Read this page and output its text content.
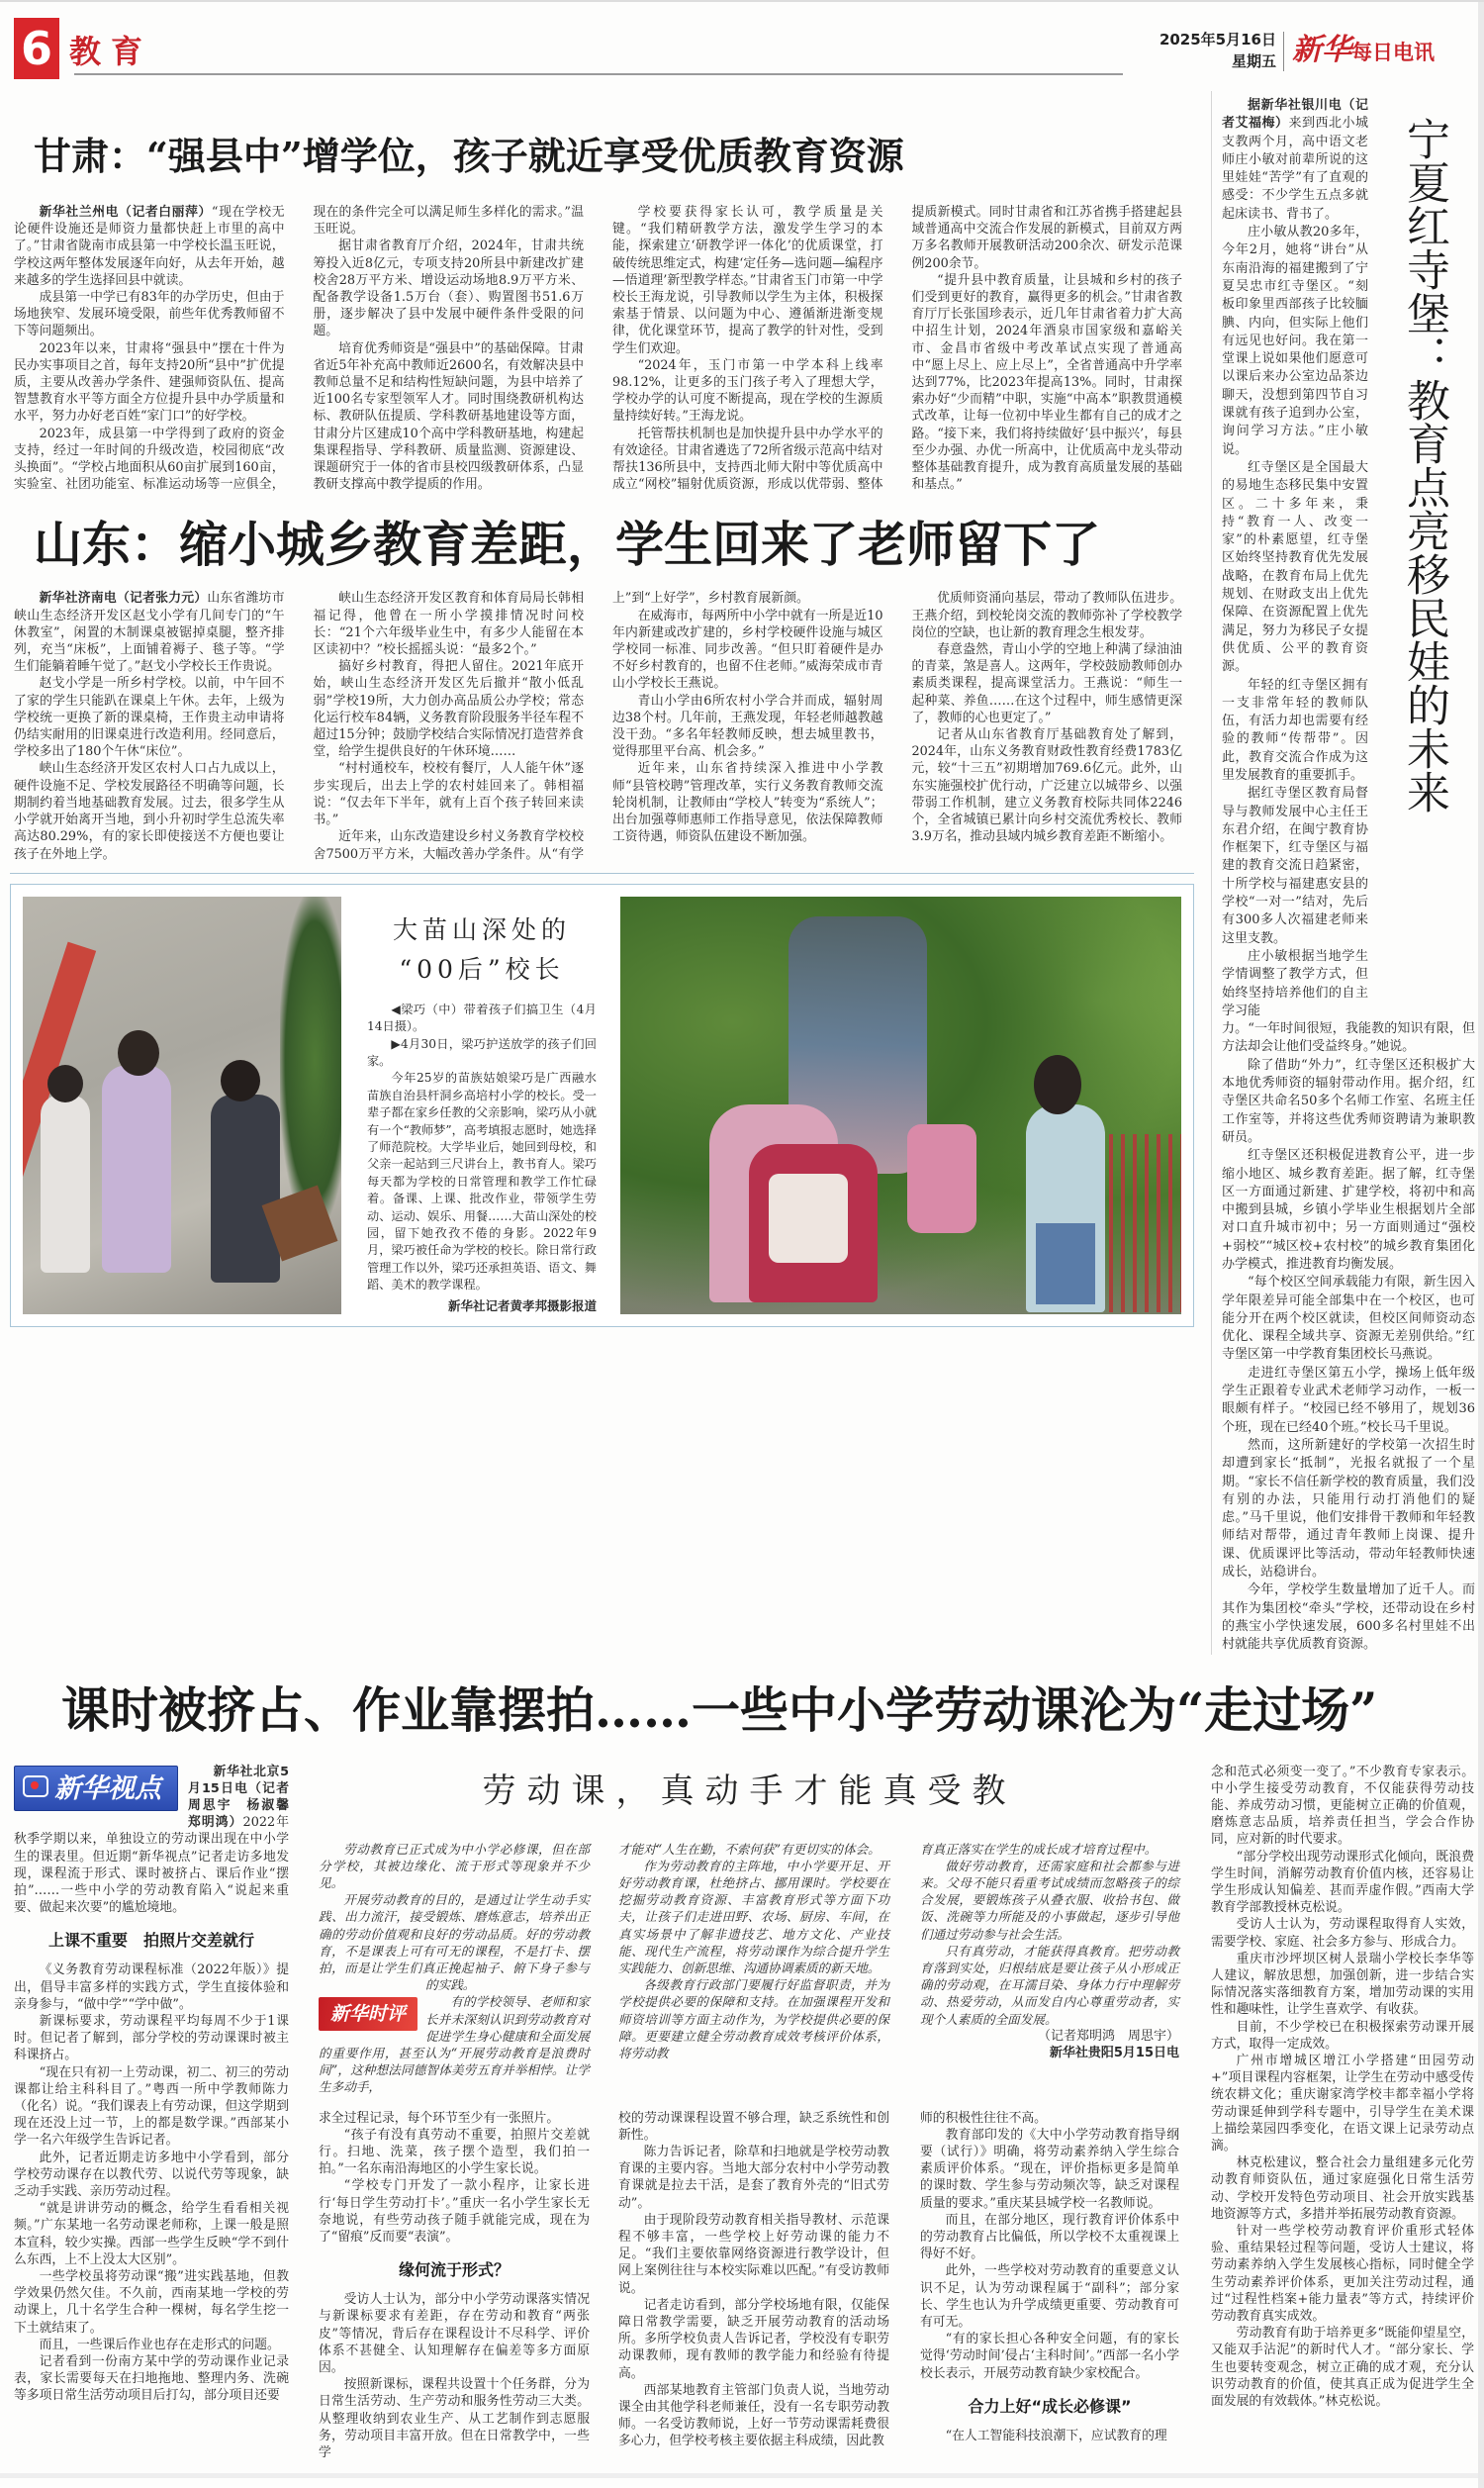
6 教育	2025年5月16日
星期五 新华每日电讯
甘肃：“强县中”增学位，孩子就近享受优质教育资源

新华社兰州电（记者白丽萍）“现在学校无论硬件设施还是师资力量都快赶上市里的高中了。”甘肃省陇南市成县第一中学校长温玉旺说，学校这两年整体发展逐年向好，从去年开始，越来越多的学生选择回县中就读。

成县第一中学已有83年的办学历史，但由于场地狭窄、发展环境受限，前些年优秀教师留不下等问题频出。

2023年以来，甘肃将“强县中”摆在十件为民办实事项目之首，每年支持20所“县中”扩优提质，主要从改善办学条件、建强师资队伍、提高智慧教育水平等方面全方位提升县中办学质量和水平，努力办好老百姓“家门口”的好学校。

2023年，成县第一中学得到了政府的资金支持，经过一年时间的升级改造，校园彻底“改头换面”。“学校占地面积从60亩扩展到160亩，实验室、社团功能室、标准运动场等一应俱全，现在的条件完全可以满足师生多样化的需求。”温玉旺说。

据甘肃省教育厅介绍，2024年，甘肃共统筹投入近8亿元，专项支持20所县中新建改扩建校舍28万平方米、增设运动场地8.9万平方米、配备教学设备1.5万台（套）、购置图书51.6万册，逐步解决了县中发展中硬件条件受限的问题。

培育优秀师资是“强县中”的基础保障。甘肃省近5年补充高中教师近2600名，有效解决县中教师总量不足和结构性短缺问题，为县中培养了近100名专家型领军人才。同时围绕教研机构达标、教研队伍提质、学科教研基地建设等方面，甘肃分片区建成10个高中学科教研基地，构建起集课程指导、学科教研、质量监测、资源建设、课题研究于一体的省市县校四级教研体系，凸显教研支撑高中教学提质的作用。

学校要获得家长认可，教学质量是关键。“我们精研教学方法，激发学生学习的本能，探索建立‘研教学评一体化’的优质课堂，打破传统思维定式，构建‘定任务—选问题—编程序—悟道理’新型教学样态。”甘肃省玉门市第一中学校长王海龙说，引导教师以学生为主体，积极探索基于情景、以问题为中心、遵循渐进渐变规律，优化课堂环节，提高了教学的针对性，受到学生们欢迎。

“2024年，玉门市第一中学本科上线率98.12%，让更多的玉门孩子考入了理想大学，学校办学的认可度不断提高，现在学校的生源质量持续好转。”王海龙说。

托管帮扶机制也是加快提升县中办学水平的有效途径。甘肃省遴选了72所省级示范高中结对帮扶136所县中，支持西北师大附中等优质高中成立“网校”辐射优质资源，形成以优带弱、整体提质新模式。同时甘肃省和江苏省携手搭建起县域普通高中交流合作发展的新模式，目前双方两万多名教师开展教研活动200余次、研发示范课例200余节。

“提升县中教育质量，让县城和乡村的孩子们受到更好的教育，赢得更多的机会。”甘肃省教育厅厅长张国珍表示，近几年甘肃省着力扩大高中招生计划，2024年酒泉市国家级和嘉峪关市、金昌市省级中考改革试点实现了普通高中“愿上尽上、应上尽上”，全省普通高中升学率达到77%，比2023年提高13%。同时，甘肃探索办好“少而精”中职，实施“中高本”职教贯通模式改革，让每一位初中毕业生都有自己的成才之路。“接下来，我们将持续做好‘县中振兴’，每县至少办强、办优一所高中，让优质高中龙头带动整体基础教育提升，成为教育高质量发展的基础和基点。”

山东：缩小城乡教育差距，学生回来了老师留下了

新华社济南电（记者张力元）山东省潍坊市峡山生态经济开发区赵戈小学有几间专门的“午休教室”，闲置的木制课桌被锯掉桌腿，整齐排列，充当“床板”，上面铺着褥子、毯子等。“学生们能躺着睡午觉了。”赵戈小学校长王作贵说。

赵戈小学是一所乡村学校。以前，中午回不了家的学生只能趴在课桌上午休。去年，上级为学校统一更换了新的课桌椅，王作贵主动申请将仍结实耐用的旧课桌进行改造利用。经同意后，学校多出了180个午休“床位”。

峡山生态经济开发区农村人口占九成以上，硬件设施不足、学校发展路径不明确等问题，长期制约着当地基础教育发展。过去，很多学生从小学就开始离开当地，到小升初时学生总流失率高达80.29%，有的家长即使接送不方便也要让孩子在外地上学。

峡山生态经济开发区教育和体育局局长韩相福记得，他曾在一所小学摸排情况时问校长：“21个六年级毕业生中，有多少人能留在本区读初中？”校长摇摇头说：“最多2个。”

搞好乡村教育，得把人留住。2021年底开始，峡山生态经济开发区先后撤并“散小低乱弱”学校19所，大力创办高品质公办学校；常态化运行校车84辆，义务教育阶段服务半径车程不超过15分钟；鼓励学校结合实际情况打造营养食堂，给学生提供良好的午休环境……

“村村通校车，校校有餐厅，人人能午休”逐步实现后，出去上学的农村娃回来了。韩相福说：“仅去年下半年，就有上百个孩子转回来读书。”

近年来，山东改造建设乡村义务教育学校校舍7500万平方米，大幅改善办学条件。从“有学上”到“上好学”，乡村教育展新颜。

在威海市，每两所中小学中就有一所是近10年内新建或改扩建的，乡村学校硬件设施与城区学校同一标准、同步改善。“但只盯着硬件是办不好乡村教育的，也留不住老师。”威海荣成市青山小学校长王燕说。

青山小学由6所农村小学合并而成，辐射周边38个村。几年前，王燕发现，年轻老师越教越没干劲。“多名年轻教师反映，想去城里教书，觉得那里平台高、机会多。”

近年来，山东省持续深入推进中小学教师“县管校聘”管理改革，实行义务教育教师交流轮岗机制，让教师由“学校人”转变为“系统人”；出台加强尊师惠师工作指导意见，依法保障教师工资待遇，师资队伍建设不断加强。

优质师资涌向基层，带动了教师队伍进步。王燕介绍，到校轮岗交流的教师弥补了学校教学岗位的空缺，也让新的教育理念生根发芽。

春意盎然，青山小学的空地上种满了绿油油的青菜，煞是喜人。这两年，学校鼓励教师创办素质类课程，提高课堂活力。王燕说：“师生一起种菜、养鱼……在这个过程中，师生感情更深了，教师的心也更定了。”

记者从山东省教育厅基础教育处了解到，2024年，山东义务教育财政性教育经费1783亿元，较“十三五”初期增加769.6亿元。此外，山东实施强校扩优行动，广泛建立以城带乡、以强带弱工作机制，建立义务教育校际共同体2246个，全省城镇已累计向乡村交流优秀校长、教师3.9万名，推动县域内城乡教育差距不断缩小。

大苗山深处的
“00后”校长

◀梁巧（中）带着孩子们搞卫生（4月14日摄）。

▶4月30日，梁巧护送放学的孩子们回家。

今年25岁的苗族姑娘梁巧是广西融水苗族自治县杆洞乡高培村小学的校长。受一辈子都在家乡任教的父亲影响，梁巧从小就有一个“教师梦”，高考填报志愿时，她选择了师范院校。大学毕业后，她回到母校，和父亲一起站到三尺讲台上，教书育人。梁巧每天都为学校的日常管理和教学工作忙碌着。备课、上课、批改作业，带领学生劳动、运动、娱乐、用餐……大苗山深处的校园，留下她孜孜不倦的身影。2022年9月，梁巧被任命为学校的校长。除日常行政管理工作以外，梁巧还承担英语、语文、舞蹈、美术的教学课程。

新华社记者黄孝邦摄影报道

据新华社银川电（记者艾福梅）来到西北小城支教两个月，高中语文老师庄小敏对前辈所说的这里娃娃“苦学”有了直观的感受：不少学生五点多就起床读书、背书了。

庄小敏从教20多年，今年2月，她将“讲台”从东南沿海的福建搬到了宁夏吴忠市红寺堡区。“刻板印象里西部孩子比较腼腆、内向，但实际上他们有远见也好问。我在第一堂课上说如果他们愿意可以课后来办公室边品茶边聊天，没想到第四节自习课就有孩子追到办公室，询问学习方法。”庄小敏说。

红寺堡区是全国最大的易地生态移民集中安置区。二十多年来，秉持“教育一人、改变一家”的朴素愿望，红寺堡区始终坚持教育优先发展战略，在教育布局上优先规划、在财政支出上优先保障、在资源配置上优先满足，努力为移民子女提供优质、公平的教育资源。

年轻的红寺堡区拥有一支非常年轻的教师队伍，有活力却也需要有经验的教师“传帮带”。因此，教育交流合作成为这里发展教育的重要抓手。

据红寺堡区教育局督导与教师发展中心主任王东君介绍，在闽宁教育协作框架下，红寺堡区与福建的教育交流日趋紧密，十所学校与福建惠安县的学校“一对一”结对，先后有300多人次福建老师来这里支教。

庄小敏根据当地学生学情调整了教学方式，但始终坚持培养他们的自主学习能

宁夏红寺堡：教育点亮移民娃的未来

力。“一年时间很短，我能教的知识有限，但方法却会让他们受益终身。”她说。

除了借助“外力”，红寺堡区还积极扩大本地优秀师资的辐射带动作用。据介绍，红寺堡区共命名50多个名师工作室、名班主任工作室等，并将这些优秀师资聘请为兼职教研员。

红寺堡区还积极促进教育公平，进一步缩小地区、城乡教育差距。据了解，红寺堡区一方面通过新建、扩建学校，将初中和高中搬到县城，乡镇小学毕业生根据划片全部对口直升城市初中；另一方面则通过“强校+弱校”“城区校+农村校”的城乡教育集团化办学模式，推进教育均衡发展。

“每个校区空间承载能力有限，新生因入学年限差异可能全部集中在一个校区，也可能分开在两个校区就读，但校区间师资动态优化、课程全域共享、资源无差别供给。”红寺堡区第一中学教育集团校长马燕说。

走进红寺堡区第五小学，操场上低年级学生正跟着专业武术老师学习动作，一板一眼颇有样子。“校园已经不够用了，规划36个班，现在已经40个班。”校长马千里说。

然而，这所新建好的学校第一次招生时却遭到家长“抵制”，光报名就报了一个星期。“家长不信任新学校的教育质量，我们没有别的办法，只能用行动打消他们的疑虑。”马千里说，他们安排骨干教师和年轻教师结对帮带，通过青年教师上岗课、提升课、优质课评比等活动，带动年轻教师快速成长，站稳讲台。

今年，学校学生数量增加了近千人。而其作为集团校“牵头”学校，还带动设在乡村的燕宝小学快速发展，600多名村里娃不出村就能共享优质教育资源。

课时被挤占、作业靠摆拍……一些中小学劳动课沦为“走过场”
新华视点

新华社北京5月15日电（记者周思宇　杨淑馨　郑明鸿）2022年秋季学期以来，单独设立的劳动课出现在中小学生的课表里。但近期“新华视点”记者走访多地发现，课程流于形式、课时被挤占、课后作业“摆拍”……一些中小学的劳动教育陷入“说起来重要、做起来次要”的尴尬境地。

上课不重要　拍照片交差就行

《义务教育劳动课程标准（2022年版）》提出，倡导丰富多样的实践方式，学生直接体验和亲身参与，“做中学”“学中做”。

新课标要求，劳动课程平均每周不少于1课时。但记者了解到，部分学校的劳动课课时被主科课挤占。

“现在只有初一上劳动课，初二、初三的劳动课都让给主科科目了。”粤西一所中学教师陈力（化名）说。“我们课表上有劳动课，但这学期到现在还没上过一节，上的都是数学课。”西部某小学一名六年级学生告诉记者。

此外，记者近期走访多地中小学看到，部分学校劳动课存在以教代劳、以说代劳等现象，缺乏动手实践、亲历劳动过程。

“就是讲讲劳动的概念，给学生看看相关视频。”广东某地一名劳动课老师称，上课一般是照本宣科，较少实操。西部一些学生反映“学不到什么东西，上不上没太大区别”。

一些学校虽将劳动课“搬”进实践基地，但教学效果仍然欠佳。不久前，西南某地一学校的劳动课上，几十名学生合种一棵树，每名学生挖一下土就结束了。

而且，一些课后作业也存在走形式的问题。

记者看到一份南方某中学的劳动课作业记录表，家长需要每天在扫地拖地、整理内务、洗碗等多项日常生活劳动项目后打勾，部分项目还要

劳动课，真动手才能真受教
新华时评

劳动教育已正式成为中小学必修课，但在部分学校，其被边缘化、流于形式等现象并不少见。

开展劳动教育的目的，是通过让学生动手实践、出力流汗，接受锻炼、磨炼意志，培养出正确的劳动价值观和良好的劳动品质。好的劳动教育，不是课表上可有可无的课程，不是打卡、摆拍，而是让学生们真正挽起袖子、俯下身子参与的实践。

有的学校领导、老师和家长并未深刻认识到劳动教育对促进学生身心健康和全面发展的重要作用，甚至认为“开展劳动教育是浪费时间”，这种想法同德智体美劳五育并举相悖。让学生多动手，

才能对“人生在勤，不索何获”有更切实的体会。

作为劳动教育的主阵地，中小学要开足、开好劳动教育课，杜绝挤占、挪用课时。学校要在挖掘劳动教育资源、丰富教育形式等方面下功夫，让孩子们走进田野、农场、厨房、车间，在真实场景中了解非遗技艺、地方文化、产业技能、现代生产流程，将劳动课作为综合提升学生实践能力、创新思维、沟通协调素质的新天地。

各级教育行政部门要履行好监督职责，并为学校提供必要的保障和支持。在加强课程开发和师资培训等方面主动作为，为学校提供必要的保障。更要建立健全劳动教育成效考核评价体系，将劳动教

育真正落实在学生的成长成才培育过程中。

做好劳动教育，还需家庭和社会都参与进来。父母不能只看重考试成绩而忽略孩子的综合发展，要锻炼孩子从叠衣服、收拾书包、做饭、洗碗等力所能及的小事做起，逐步引导他们通过劳动参与社会生活。

只有真劳动，才能获得真教育。把劳动教育落到实处，归根结底是要让孩子从小形成正确的劳动观，在耳濡目染、身体力行中理解劳动、热爱劳动，从而发自内心尊重劳动者，实现个人素质的全面发展。

（记者郑明鸿　周思宇）
新华社贵阳5月15日电

求全过程记录，每个环节至少有一张照片。

“孩子有没有真劳动不重要，拍照片交差就行。扫地、洗菜，孩子摆个造型，我们拍一拍。”一名东南沿海地区的小学生家长说。

“学校专门开发了一款小程序，让家长进行‘每日学生劳动打卡’。”重庆一名小学生家长无奈地说，有些劳动孩子随手就能完成，现在为了“留痕”反而要“表演”。

缘何流于形式？

受访人士认为，部分中小学劳动课落实情况与新课标要求有差距，存在劳动和教育“两张皮”等情况，背后存在课程设计不尽科学、评价体系不甚健全、认知理解存在偏差等多方面原因。

按照新课标，课程共设置十个任务群，分为日常生活劳动、生产劳动和服务性劳动三大类。从整理收纳到农业生产、从工艺制作到志愿服务，劳动项目丰富开放。但在日常教学中，一些学

校的劳动课课程设置不够合理，缺乏系统性和创新性。

陈力告诉记者，除草和扫地就是学校劳动教育课的主要内容。当地大部分农村中小学劳动教育课就是拉去干活，是套了教育外壳的“旧式劳动”。

由于现阶段劳动教育相关指导教材、示范课程不够丰富，一些学校上好劳动课的能力不足。“我们主要依靠网络资源进行教学设计，但网上案例往往与本校实际难以匹配。”有受访教师说。

记者走访看到，部分学校场地有限，仅能保障日常教学需要，缺乏开展劳动教育的活动场所。多所学校负责人告诉记者，学校没有专职劳动课教师，现有教师的教学能力和经验有待提高。

西部某地教育主管部门负责人说，当地劳动课全由其他学科老师兼任，没有一名专职劳动教师。一名受访教师说，上好一节劳动课需耗费很多心力，但学校考核主要依据主科成绩，因此教

师的积极性往往不高。

教育部印发的《大中小学劳动教育指导纲要（试行）》明确，将劳动素养纳入学生综合素质评价体系。“现在，评价指标更多是简单的课时数、学生参与劳动频次等，缺乏对课程质量的要求。”重庆某县城学校一名教师说。

而且，在部分地区，现行教育评价体系中的劳动教育占比偏低，所以学校不太重视课上得好不好。

此外，一些学校对劳动教育的重要意义认识不足，认为劳动课程属于“副科”；部分家长、学生也认为升学成绩更重要、劳动教育可有可无。

“有的家长担心各种安全问题，有的家长觉得‘劳动时间’侵占‘主科时间’。”西部一名小学校长表示，开展劳动教育缺少家校配合。

合力上好“成长必修课”

“在人工智能科技浪潮下，应试教育的理

念和范式必须变一变了。”不少教育专家表示。中小学生接受劳动教育，不仅能获得劳动技能、养成劳动习惯，更能树立正确的价值观，磨炼意志品质，培养责任担当，学会合作协同，应对新的时代要求。

“部分学校出现劳动课形式化倾向，既浪费学生时间，消解劳动教育价值内核，还容易让学生形成认知偏差、甚而弄虚作假。”西南大学教育学部教授林克松说。

受访人士认为，劳动课程取得育人实效，需要学校、家庭、社会多方参与、形成合力。

重庆市沙坪坝区树人景瑞小学校长李华等人建议，解放思想，加强创新，进一步结合实际情况落实落细教育方案，增加劳动课的实用性和趣味性，让学生喜欢学、有收获。

目前，不少学校已在积极探索劳动课开展方式，取得一定成效。

广州市增城区增江小学搭建“田园劳动+”项目课程内容框架，让学生在劳动中感受传统农耕文化；重庆谢家湾学校丰都幸福小学将劳动课延伸到学科专题中，引导学生在美术课上描绘菜园四季变化，在语文课上记录劳动点滴。

林克松建议，整合社会力量组建多元化劳动教育师资队伍，通过家庭强化日常生活劳动、学校开发特色劳动项目、社会开放实践基地资源等方式，多措并举拓展劳动教育资源。

针对一些学校劳动教育评价重形式轻体验、重结果轻过程等问题，受访人士建议，将劳动素养纳入学生发展核心指标，同时健全学生劳动素养评价体系，更加关注劳动过程，通过“过程性档案+能力量表”等方式，持续评价劳动教育真实成效。

劳动教育有助于培养更多“既能仰望星空，又能双手沾泥”的新时代人才。“部分家长、学生也要转变观念，树立正确的成才观，充分认识劳动教育的价值，使其真正成为促进学生全面发展的有效载体。”林克松说。
